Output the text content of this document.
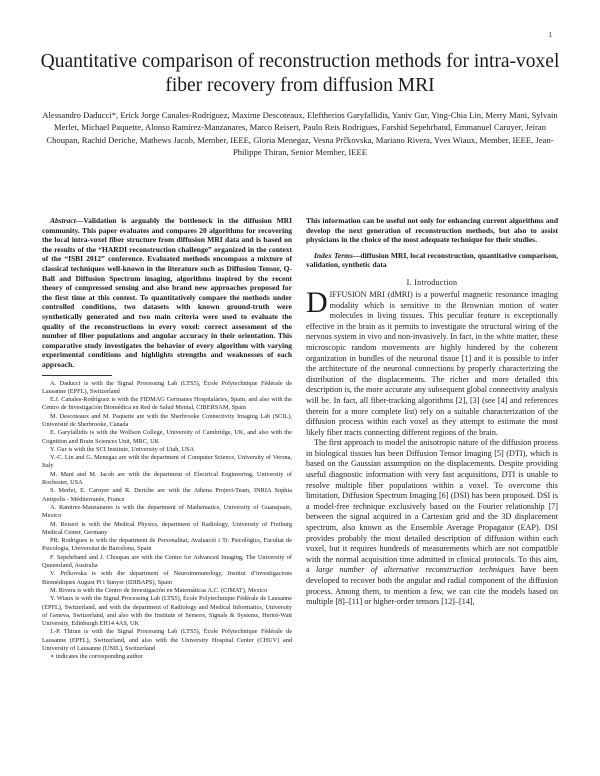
1
Quantitative comparison of reconstruction methods for intra-voxel fiber recovery from diffusion MRI
Alessandro Daducci*, Erick Jorge Canales-Rodríguez, Maxime Descoteaux, Eleftherios Garyfallidis, Yaniv Gur, Ying-Chia Lin, Merry Mani, Sylvain Merlet, Michael Paquette, Alonso Ramirez-Manzanares, Marco Reisert, Paulo Reis Rodrigues, Farshid Sepehrband, Emmanuel Caruyer, Jeiran Choupan, Rachid Deriche, Mathews Jacob, Member, IEEE, Gloria Menegaz, Vesna Prčkovska, Mariano Rivera, Yves Wiaux, Member, IEEE, Jean-Philippe Thiran, Senior Member, IEEE

Abstract—Validation is arguably the bottleneck in the diffusion MRI community. This paper evaluates and compares 20 algorithms for recovering the local intra-voxel fiber structure from diffusion MRI data and is based on the results of the “HARDI reconstruction challenge” organized in the context of the “ISBI 2012” conference. Evaluated methods encompass a mixture of classical techniques well-known in the literature such as Diffusion Tensor, Q-Ball and Diffusion Spectrum imaging, algorithms inspired by the recent theory of compressed sensing and also brand new approaches proposed for the first time at this contest. To quantitatively compare the methods under controlled conditions, two datasets with known ground-truth were synthetically generated and two main criteria were used to evaluate the quality of the reconstructions in every voxel: correct assessment of the number of fiber populations and angular accuracy in their orientation. This comparative study investigates the behavior of every algorithm with varying experimental conditions and highlights strengths and weaknesses of each approach.

A. Daducci is with the Signal Processing Lab (LTS5), École Polytechnique Fédérale de Lausanne (EPFL), Switzerland

E.J. Canales-Rodríguez is with the FIDMAG Germanes Hospitalàries, Spain, and also with the Centro de Investigación Biomédica en Red de Salud Mental, CIBERSAM, Spain

M. Descoteaux and M. Paquette are with the Sherbrooke Connectivity Imaging Lab (SCIL), Université de Sherbrooke, Canada

E. Garyfallidis is with the Wolfson College, University of Cambridge, UK, and also with the Cognition and Brain Sciences Unit, MRC, UK

Y. Gur is with the SCI Institute, University of Utah, USA

Y.-C. Lin and G. Menegaz are with the department of Computer Science, University of Verona, Italy

M. Mani and M. Jacob are with the department of Electrical Engineering, University of Rochester, USA

S. Merlet, E. Caruyer and R. Deriche are with the Athena Project-Team, INRIA Sophia Antipolis - Méditerranée, France

A. Ramirez-Manzanares is with the department of Mathematics, University of Guanajuato, Mexico

M. Reisert is with the Medical Physics, department of Radiology, University of Freiburg Medical Center, Germany

PR. Rodrigues is with the department de Personalitat, Avaluació i Tr. Psicològics, Facultat de Psicologia, Universitat de Barcelona, Spain

F. Sepehrband and J. Choupan are with the Centre for Advanced Imaging, The University of Queensland, Australia

V. Prčkovska is with the department of Neuroimmunology, Institut d’investigacions Biomèdiques August Pi i Sunyer (IDIBAPS), Spain

M. Rivera is with the Centro de Investigación en Matemáticas A.C. (CIMAT), Mexico

Y. Wiaux is with the Signal Processing Lab (LTS5), École Polytechnique Fédérale de Lausanne (EPFL), Switzerland, and with the department of Radiology and Medical Informatics, University of Geneva, Switzerland, and also with the Institute of Sensors, Signals & Systems, Heriot-Watt University, Edinburgh EH14 4AS, UK

J.-P. Thiran is with the Signal Processing Lab (LTS5), École Polytechnique Fédérale de Lausanne (EPFL), Switzerland, and also with the University Hospital Center (CHUV) and University of Lausanne (UNIL), Switzerland

∗ indicates the corresponding author

This information can be useful not only for enhancing current algorithms and develop the next generation of reconstruction methods, but also to assist physicians in the choice of the most adequate technique for their studies.

Index Terms—diffusion MRI, local reconstruction, quantitative comparison, validation, synthetic data

I. Introduction

DIFFUSION MRI (dMRI) is a powerful magnetic resonance imaging modality which is sensitive to the Brownian motion of water molecules in living tissues. This peculiar feature is exceptionally effective in the brain as it permits to investigate the structural wiring of the nervous system in vivo and non-invasively. In fact, in the white matter, these microscopic random movements are highly hindered by the coherent organization in bundles of the neuronal tissue [1] and it is possible to infer the architecture of the neuronal connections by properly characterizing the distribution of the displacements. The richer and more detailed this description is, the more accurate any subsequent global connectivity analysis will be. In fact, all fiber-tracking algorithms [2], [3] (see [4] and references therein for a more complete list) rely on a suitable characterization of the diffusion process within each voxel as they attempt to estimate the most likely fiber tracts connecting different regions of the brain.

The first approach to model the anisotropic nature of the diffusion process in biological tissues has been Diffusion Tensor Imaging [5] (DTI), which is based on the Gaussian assumption on the displacements. Despite providing useful diagnostic information with very fast acquisitions, DTI is unable to resolve multiple fiber populations within a voxel. To overcome this limitation, Diffusion Spectrum Imaging [6] (DSI) has been proposed. DSI is a model-free technique exclusively based on the Fourier relationship [7] between the signal acquired in a Cartesian grid and the 3D displacement spectrum, also known as the Ensemble Average Propagator (EAP). DSI provides probably the most detailed description of diffusion within each voxel, but it requires hundreds of measurements which are not compatible with the normal acquisition time admitted in clinical protocols. To this aim, a large number of alternative reconstruction techniques have been developed to recover both the angular and radial component of the diffusion process. Among them, to mention a few, we can cite the models based on multiple [8]–[11] or higher-order tensors [12]–[14],
